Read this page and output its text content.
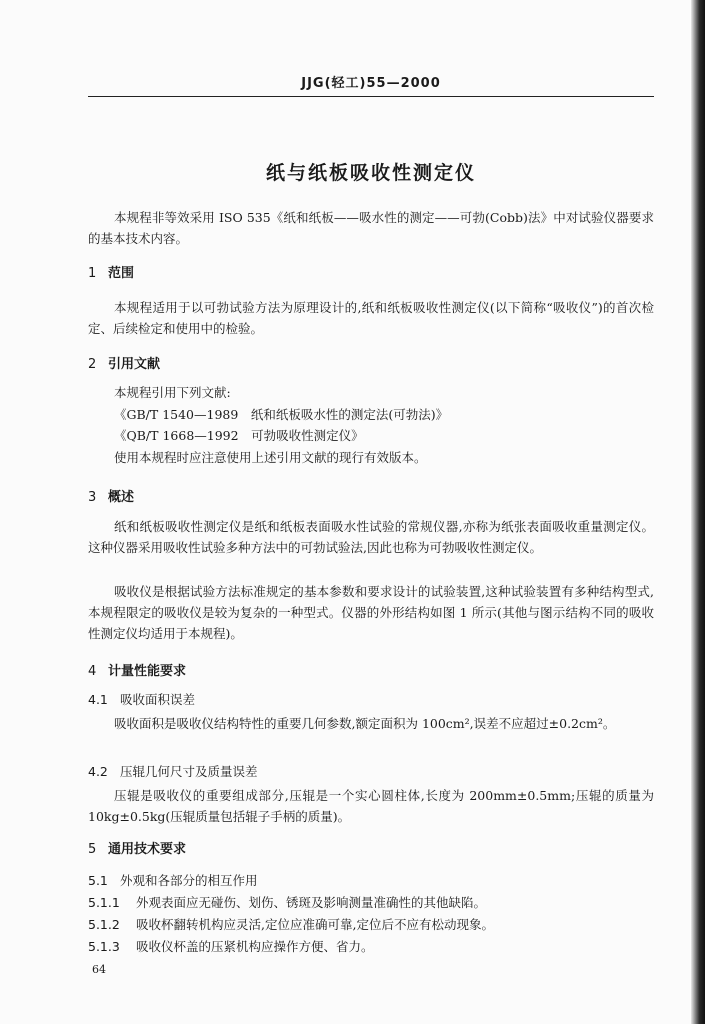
JJG(轻工)55—2000
纸与纸板吸收性测定仪
本规程非等效采用 ISO 535《纸和纸板——吸水性的测定——可勃(Cobb)法》中对试验仪器要求的基本技术内容。
1 范围
本规程适用于以可勃试验方法为原理设计的,纸和纸板吸收性测定仪(以下简称“吸收仪”)的首次检定、后续检定和使用中的检验。
2 引用文献
本规程引用下列文献:
《GB/T 1540—1989　纸和纸板吸水性的测定法(可勃法)》
《QB/T 1668—1992　可勃吸收性测定仪》
使用本规程时应注意使用上述引用文献的现行有效版本。
3 概述
纸和纸板吸收性测定仪是纸和纸板表面吸水性试验的常规仪器,亦称为纸张表面吸收重量测定仪。这种仪器采用吸收性试验多种方法中的可勃试验法,因此也称为可勃吸收性测定仪。
吸收仪是根据试验方法标准规定的基本参数和要求设计的试验装置,这种试验装置有多种结构型式,本规程限定的吸收仪是较为复杂的一种型式。仪器的外形结构如图 1 所示(其他与图示结构不同的吸收性测定仪均适用于本规程)。
4 计量性能要求
4.1 吸收面积误差
吸收面积是吸收仪结构特性的重要几何参数,额定面积为 100cm²,误差不应超过±0.2cm²。
4.2 压辊几何尺寸及质量误差
压辊是吸收仪的重要组成部分,压辊是一个实心圆柱体,长度为 200mm±0.5mm;压辊的质量为 10kg±0.5kg(压辊质量包括辊子手柄的质量)。
5 通用技术要求
5.1 外观和各部分的相互作用
5.1.1 外观表面应无碰伤、划伤、锈斑及影响测量准确性的其他缺陷。
5.1.2 吸收杯翻转机构应灵活,定位应准确可靠,定位后不应有松动现象。
5.1.3 吸收仪杯盖的压紧机构应操作方便、省力。
64
